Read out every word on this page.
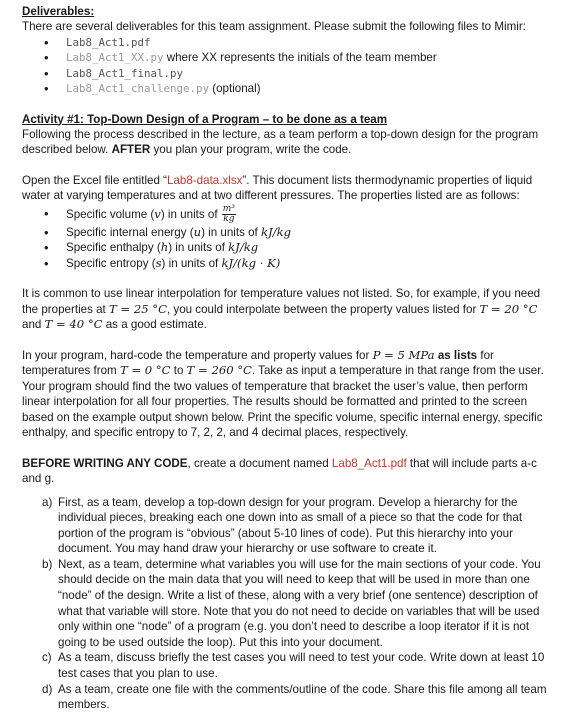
Deliverables:
There are several deliverables for this team assignment. Please submit the following files to Mimir:
• Lab8_Act1.pdf
• Lab8_Act1_XX.py where XX represents the initials of the team member
• Lab8_Act1_final.py
• Lab8_Act1_challenge.py (optional)
Activity #1: Top-Down Design of a Program – to be done as a team
Following the process described in the lecture, as a team perform a top-down design for the program described below. AFTER you plan your program, write the code.
Open the Excel file entitled “Lab8-data.xlsx”. This document lists thermodynamic properties of liquid water at varying temperatures and at two different pressures. The properties listed are as follows:
• Specific volume (v) in units of $\frac{\text{m³}}{kg}$
• Specific internal energy (u) in units of kJ/kg
• Specific enthalpy (h) in units of kJ/kg
• Specific entropy (s) in units of kJ/(kg · K)
It is common to use linear interpolation for temperature values not listed. So, for example, if you need the properties at T = 25 °C, you could interpolate between the property values listed for T = 20 °C and T = 40 °C as a good estimate.
In your program, hard-code the temperature and property values for P = 5 MPa as lists for temperatures from T = 0 °C to T = 260 °C. Take as input a temperature in that range from the user. Your program should find the two values of temperature that bracket the user’s value, then perform linear interpolation for all four properties. The results should be formatted and printed to the screen based on the example output shown below. Print the specific volume, specific internal energy, specific enthalpy, and specific entropy to 7, 2, 2, and 4 decimal places, respectively.
BEFORE WRITING ANY CODE, create a document named Lab8_Act1.pdf that will include parts a-c and g.
a) First, as a team, develop a top-down design for your program. Develop a hierarchy for the individual pieces, breaking each one down into as small of a piece so that the code for that portion of the program is “obvious” (about 5-10 lines of code). Put this hierarchy into your document. You may hand draw your hierarchy or use software to create it.
b) Next, as a team, determine what variables you will use for the main sections of your code. You should decide on the main data that you will need to keep that will be used in more than one “node” of the design. Write a list of these, along with a very brief (one sentence) description of what that variable will store. Note that you do not need to decide on variables that will be used only within one “node” of a program (e.g. you don’t need to describe a loop iterator if it is not going to be used outside the loop). Put this into your document.
c) As a team, discuss briefly the test cases you will need to test your code. Write down at least 10 test cases that you plan to use.
d) As a team, create one file with the comments/outline of the code. Share this file among all team members.
